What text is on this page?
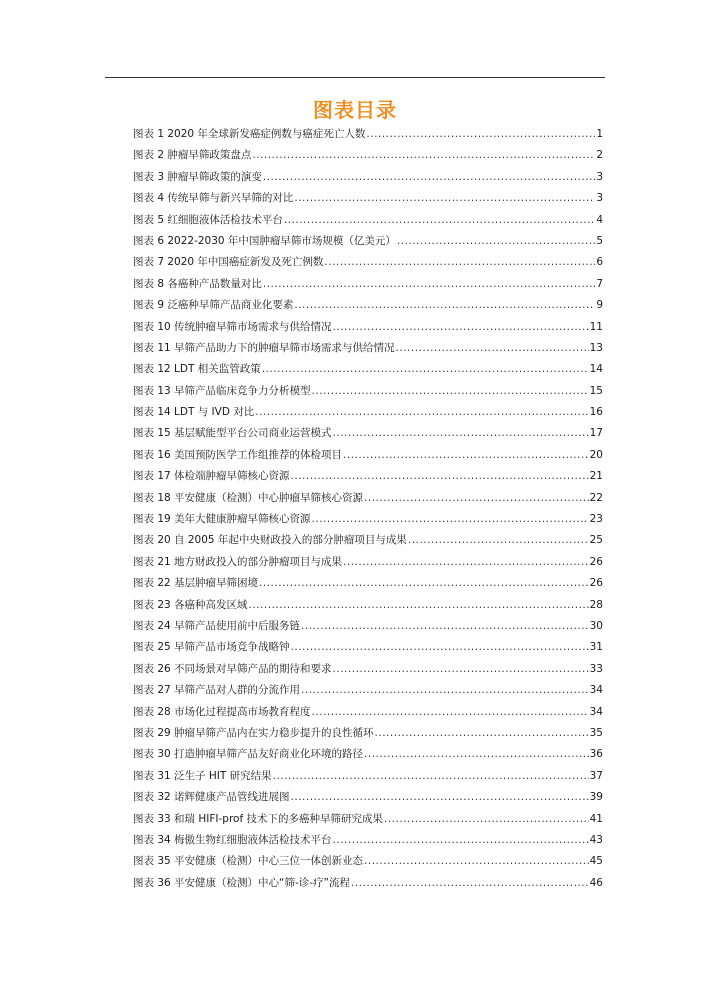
图表目录
图表 1 2020 年全球新发癌症例数与癌症死亡人数 .....	1
图表 2 肿瘤早筛政策盘点 .....	2
图表 3 肿瘤早筛政策的演变 .....	3
图表 4 传统早筛与新兴早筛的对比 .....	3
图表 5 红细胞液体活检技术平台 .....	4
图表 6 2022-2030 年中国肿瘤早筛市场规模（亿美元） .....	5
图表 7 2020 年中国癌症新发及死亡例数 .....	6
图表 8 各癌种产品数量对比 .....	7
图表 9 泛癌种早筛产品商业化要素 .....	9
图表 10 传统肿瘤早筛市场需求与供给情况 .....	11
图表 11 早筛产品助力下的肿瘤早筛市场需求与供给情况 .....	13
图表 12 LDT 相关监管政策 .....	14
图表 13 早筛产品临床竞争力分析模型 .....	15
图表 14 LDT 与 IVD 对比 .....	16
图表 15 基层赋能型平台公司商业运营模式 .....	17
图表 16 美国预防医学工作组推荐的体检项目 .....	20
图表 17 体检端肿瘤早筛核心资源 .....	21
图表 18 平安健康（检测）中心肿瘤早筛核心资源 .....	22
图表 19 美年大健康肿瘤早筛核心资源 .....	23
图表 20 自 2005 年起中央财政投入的部分肿瘤项目与成果 .....	25
图表 21 地方财政投入的部分肿瘤项目与成果 .....	26
图表 22 基层肿瘤早筛困境 .....	26
图表 23 各癌种高发区域 .....	28
图表 24 早筛产品使用前中后服务链 .....	30
图表 25 早筛产品市场竞争战略钟 .....	31
图表 26 不同场景对早筛产品的期待和要求 .....	33
图表 27 早筛产品对人群的分流作用 .....	34
图表 28 市场化过程提高市场教育程度 .....	34
图表 29 肿瘤早筛产品内在实力稳步提升的良性循环 .....	35
图表 30 打造肿瘤早筛产品友好商业化环境的路径 .....	36
图表 31 泛生子 HIT 研究结果 .....	37
图表 32 诺辉健康产品管线进展图 .....	39
图表 33 和瑞 HIFI-prof 技术下的多癌种早筛研究成果 .....	41
图表 34 梅傲生物红细胞液体活检技术平台 .....	43
图表 35 平安健康（检测）中心三位一体创新业态 .....	45
图表 36 平安健康（检测）中心“筛-诊-疗”流程 .....	46
